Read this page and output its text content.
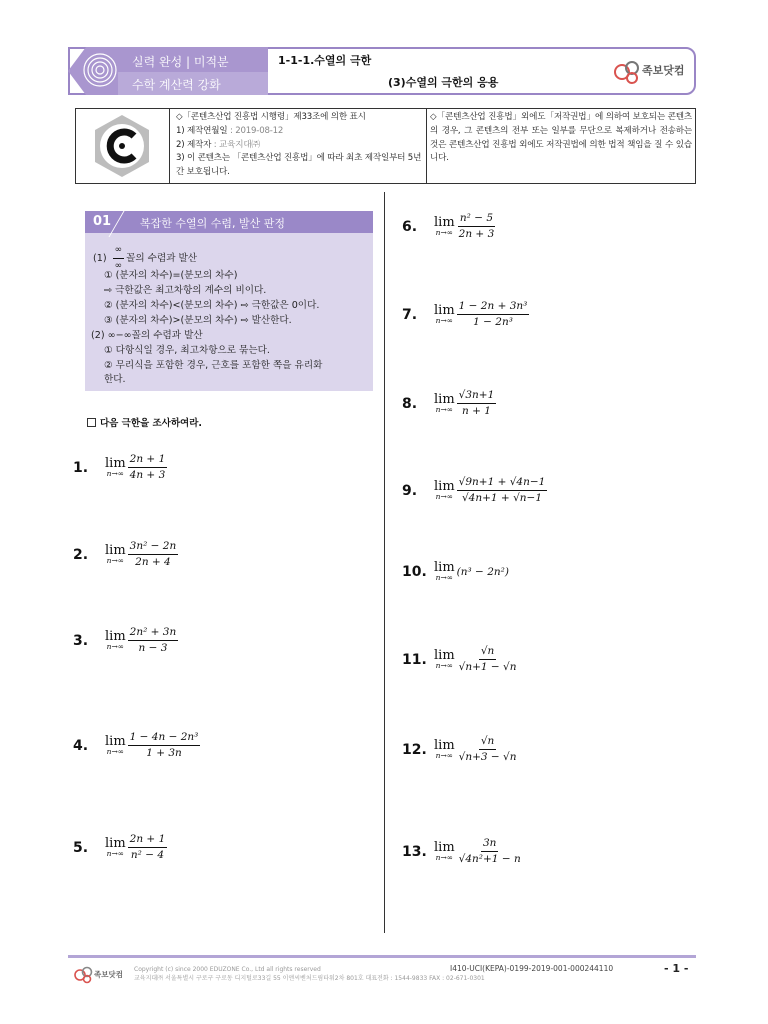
실력 완성 | 미적분
수학 계산력 강화
1-1-1.수열의 극한
(3)수열의 극한의 응용
족보닷컴
◇「콘텐츠산업 진흥법 시행령」제33조에 의한 표시
1) 제작연월일 : 2019-08-12
2) 제작자 : 교육지대㈜
3) 이 콘텐츠는 「콘텐츠산업 진흥법」에 따라 최초 제작일부터 5년간 보호됩니다.
◇「콘텐츠산업 진흥법」외에도「저작권법」에 의하여 보호되는 콘텐츠의 경우, 그 콘텐츠의 전부 또는 일부를 무단으로 복제하거나 전송하는 것은 콘텐츠산업 진흥법 외에도 저작권법에 의한 법적 책임을 질 수 있습니다.
01	복잡한 수열의 수렴, 발산 판정
$(1) \frac{\infty}{\infty}$ 꼴의 수렴과 발산
① (분자의 차수)=(분모의 차수)
⇨ 극한값은 최고차항의 계수의 비이다.
② (분자의 차수)<(분모의 차수) ⇨ 극한값은 0이다.
③ (분자의 차수)>(분모의 차수) ⇨ 발산한다.
(2) ∞−∞꼴의 수렴과 발산
① 다항식일 경우, 최고차항으로 묶는다.
② 무리식을 포함한 경우, 근호를 포함한 쪽을 유리화
한다.
다음 극한을 조사하여라.
1.	lim
$n\to\infty \frac{2n + 1}{4n + 3}$
2.	lim
$n\to\infty \frac{\text{3n² − 2n}}{2n + 4}$
3.	lim
$n\to\infty \frac{\text{2n² + 3n}}{n - 3}$
4.	lim
$n\to\infty \frac{\text{1 − 4n − 2n³}}{1 + 3n}$
5.	lim
$n\to\infty \frac{2n + 1}{\text{n² − 4}}$
6.	lim
$n\to\infty \frac{\text{n² − 5}}{2n + 3}$
7.	lim
$n\to\infty \frac{\text{1 − 2n + 3n³}}{\text{1 − 2n³}}$
8.	lim
$n\to\infty \frac{√3n+1}{n + 1}$
9.	lim
$n\to\infty \frac{√9n+1 + √4n-1}{√4n+1 + √n-1}$
10. lim
n→∞ (n³ − 2n²)
11. lim
$n\to\infty \frac{√n}{√n+1 - √n}$
12. lim
$n\to\infty \frac{√n}{√n+3 - √n}$
13. lim
$n\to\infty \frac{3n}{\text{√4n²+1 − n}}$
족보닷컴
Copyright (c) since 2000 EDUZONE Co., Ltd all rights reserved
교육지대㈜ 서울특별시 구로구 구로동 디지털로33길 55 이앤씨벤처드림타워2차 801호 대표전화 : 1544-9833 FAX : 02-671-0301
I410-UCI(KEPA)-0199-2019-001-000244110	- 1 -
